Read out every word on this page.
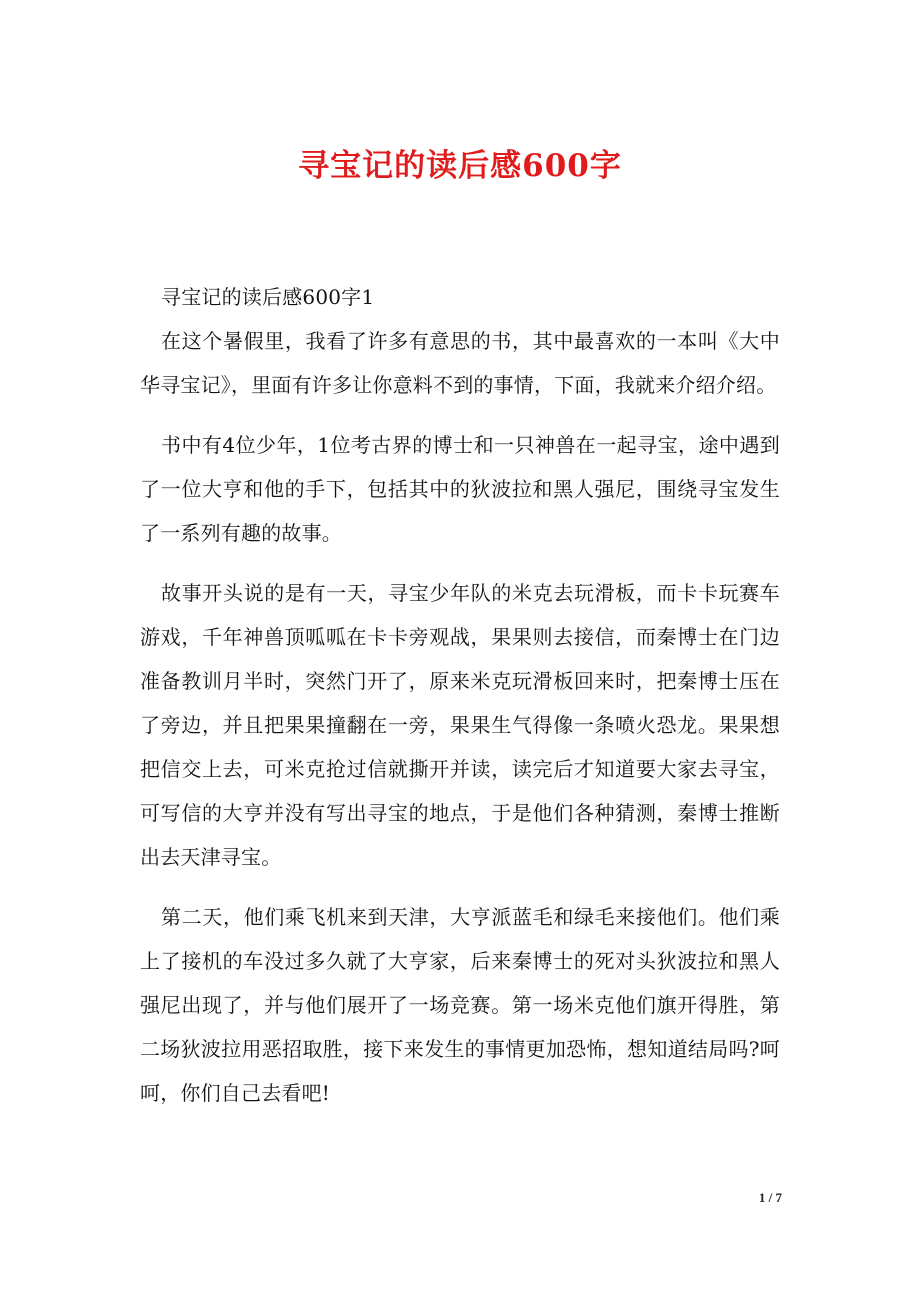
寻宝记的读后感600字

寻宝记的读后感600字1

在这个暑假里，我看了许多有意思的书，其中最喜欢的一本叫《大中华寻宝记》，里面有许多让你意料不到的事情，下面，我就来介绍介绍。

书中有4位少年，1位考古界的博士和一只神兽在一起寻宝，途中遇到了一位大亨和他的手下，包括其中的狄波拉和黑人强尼，围绕寻宝发生了一系列有趣的故事。

故事开头说的是有一天，寻宝少年队的米克去玩滑板，而卡卡玩赛车游戏，千年神兽顶呱呱在卡卡旁观战，果果则去接信，而秦博士在门边准备教训月半时，突然门开了，原来米克玩滑板回来时，把秦博士压在了旁边，并且把果果撞翻在一旁，果果生气得像一条喷火恐龙。果果想把信交上去，可米克抢过信就撕开并读，读完后才知道要大家去寻宝，可写信的大亨并没有写出寻宝的地点，于是他们各种猜测，秦博士推断出去天津寻宝。

第二天，他们乘飞机来到天津，大亨派蓝毛和绿毛来接他们。他们乘上了接机的车没过多久就了大亨家，后来秦博士的死对头狄波拉和黑人强尼出现了，并与他们展开了一场竞赛。第一场米克他们旗开得胜，第二场狄波拉用恶招取胜，接下来发生的事情更加恐怖，想知道结局吗?呵呵，你们自己去看吧!

1 / 7
